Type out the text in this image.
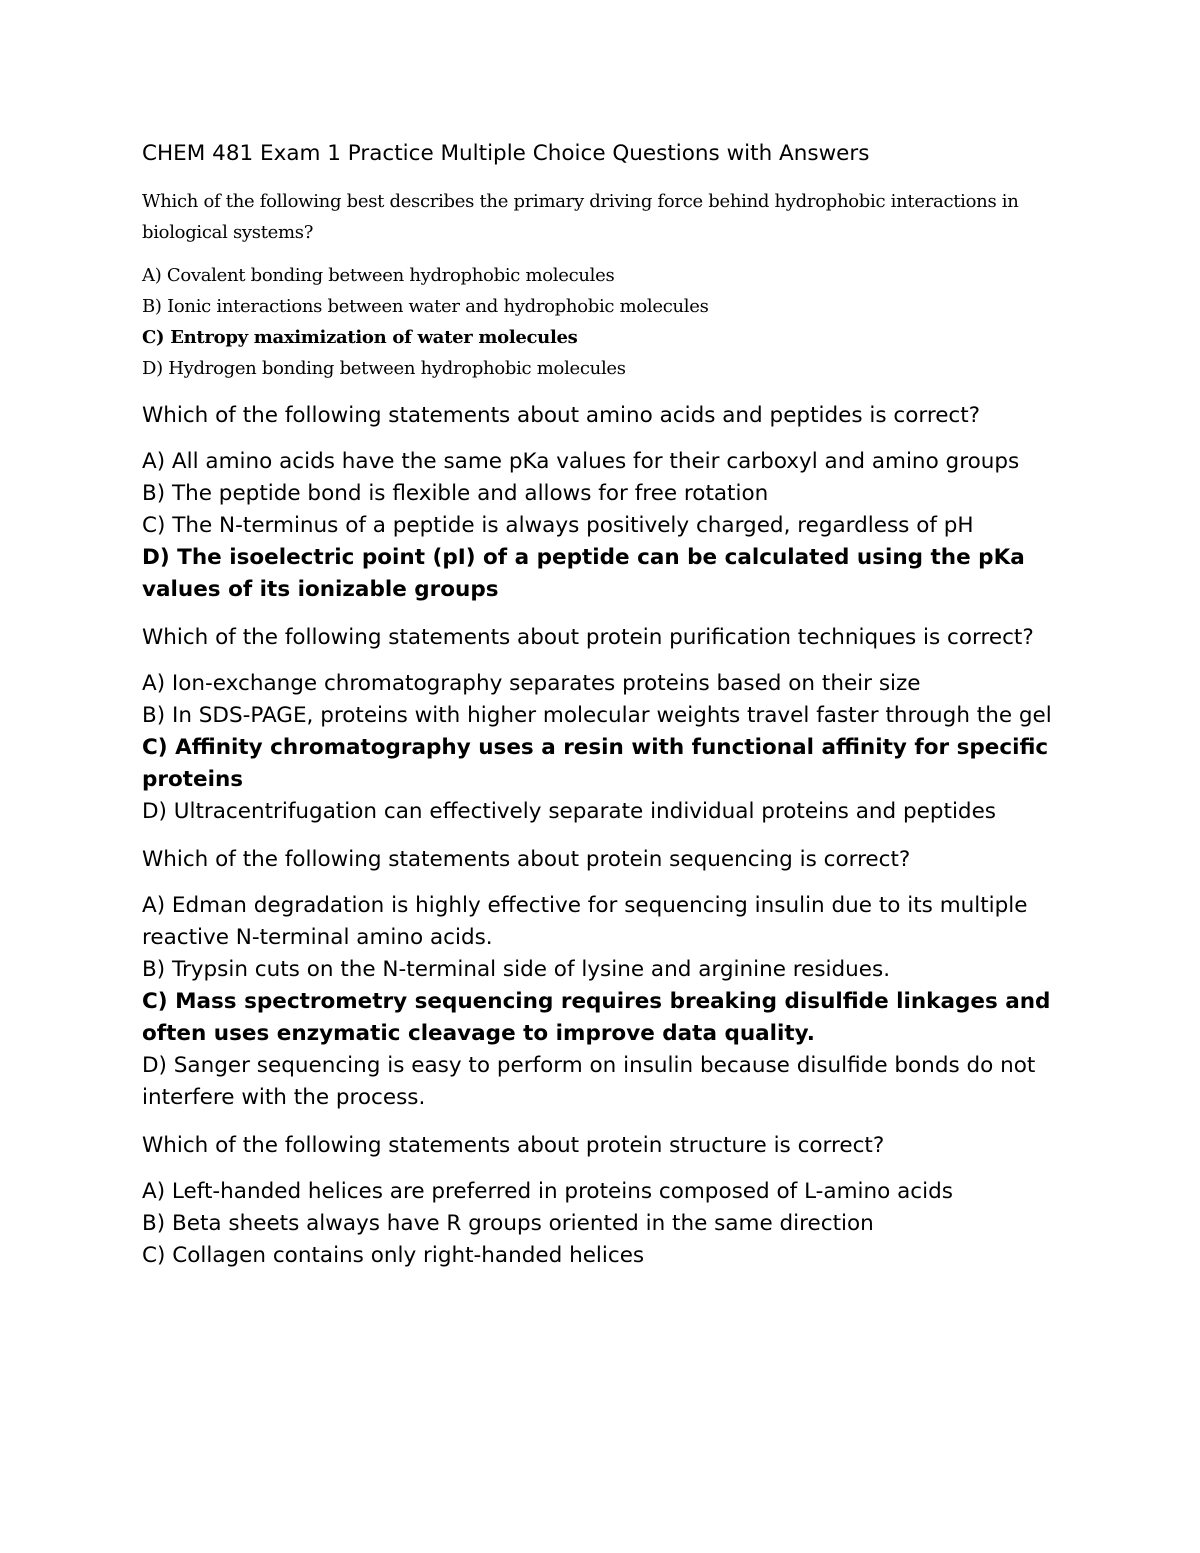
CHEM 481 Exam 1 Practice Multiple Choice Questions with Answers
Which of the following best describes the primary driving force behind hydrophobic interactions in biological systems?
A) Covalent bonding between hydrophobic molecules
B) Ionic interactions between water and hydrophobic molecules
C) Entropy maximization of water molecules
D) Hydrogen bonding between hydrophobic molecules
Which of the following statements about amino acids and peptides is correct?
A) All amino acids have the same pKa values for their carboxyl and amino groups
B) The peptide bond is flexible and allows for free rotation
C) The N-terminus of a peptide is always positively charged, regardless of pH
D) The isoelectric point (pI) of a peptide can be calculated using the pKa values of its ionizable groups
Which of the following statements about protein purification techniques is correct?
A) Ion-exchange chromatography separates proteins based on their size
B) In SDS-PAGE, proteins with higher molecular weights travel faster through the gel
C) Affinity chromatography uses a resin with functional affinity for specific proteins
D) Ultracentrifugation can effectively separate individual proteins and peptides
Which of the following statements about protein sequencing is correct?
A) Edman degradation is highly effective for sequencing insulin due to its multiple reactive N-terminal amino acids.
B) Trypsin cuts on the N-terminal side of lysine and arginine residues.
C) Mass spectrometry sequencing requires breaking disulfide linkages and often uses enzymatic cleavage to improve data quality.
D) Sanger sequencing is easy to perform on insulin because disulfide bonds do not interfere with the process.
Which of the following statements about protein structure is correct?
A) Left-handed helices are preferred in proteins composed of L-amino acids
B) Beta sheets always have R groups oriented in the same direction
C) Collagen contains only right-handed helices
